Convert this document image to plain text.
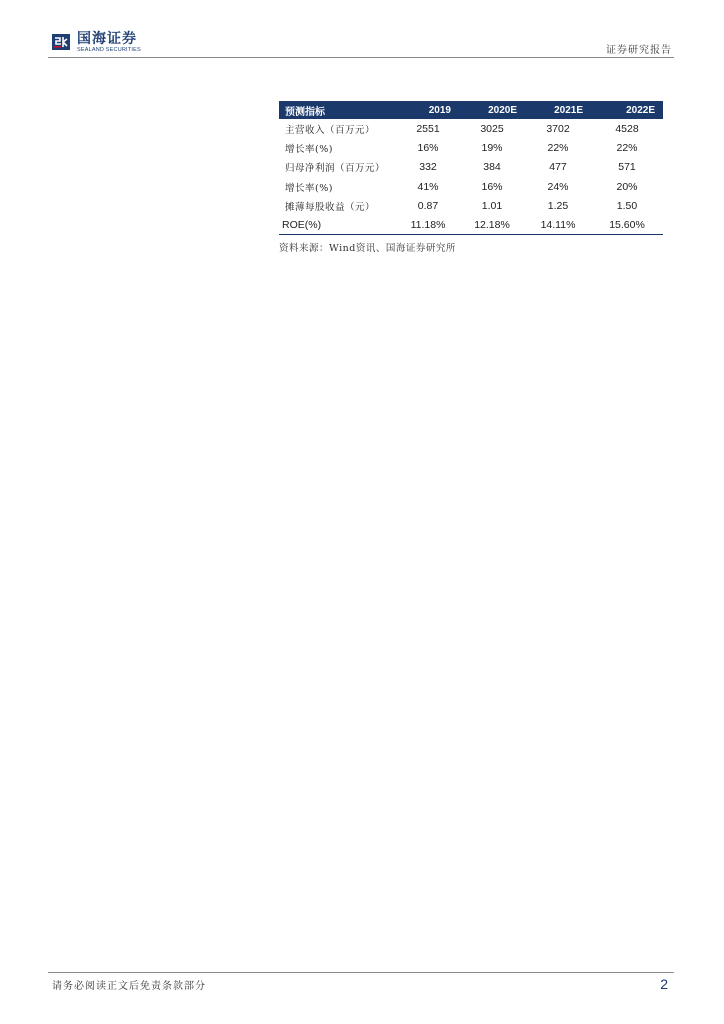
国海证券
SEALAND SECURITIES	证券研究报告
预测指标	2019	2020E	2021E	2022E
主营收入（百万元）	2551	3025	3702	4528
增长率(%)	16%	19%	22%	22%
归母净利润（百万元）	332	384	477	571
增长率(%)	41%	16%	24%	20%
摊薄每股收益（元）	0.87	1.01	1.25	1.50
ROE(%)	11.18%	12.18%	14.11%	15.60%
资料来源：Wind资讯、国海证券研究所
请务必阅读正文后免责条款部分	2
